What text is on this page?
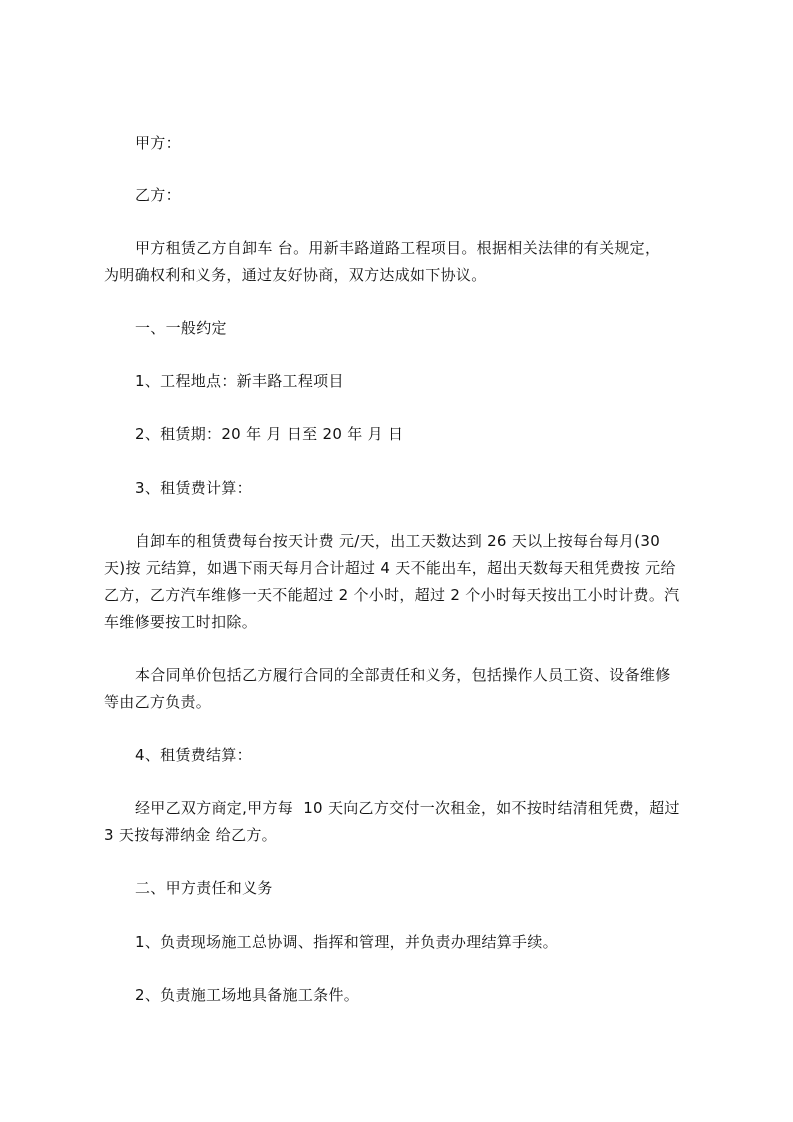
甲方：
乙方：
甲方租赁乙方自卸车 台。用新丰路道路工程项目。根据相关法律的有关规定，
为明确权利和义务，通过友好协商，双方达成如下协议。
一、一般约定
1、工程地点：新丰路工程项目
2、租赁期：20 年 月 日至 20 年 月 日
3、租赁费计算：
自卸车的租赁费每台按天计费 元/天，出工天数达到 26 天以上按每台每月(30
天)按 元结算，如遇下雨天每月合计超过 4 天不能出车，超出天数每天租凭费按 元给
乙方，乙方汽车维修一天不能超过 2 个小时，超过 2 个小时每天按出工小时计费。汽
车维修要按工时扣除。
本合同单价包括乙方履行合同的全部责任和义务，包括操作人员工资、设备维修
等由乙方负责。
4、租赁费结算：
经甲乙双方商定,甲方每  10 天向乙方交付一次租金，如不按时结清租凭费，超过
3 天按每滞纳金 给乙方。
二、甲方责任和义务
1、负责现场施工总协调、指挥和管理，并负责办理结算手续。
2、负责施工场地具备施工条件。
